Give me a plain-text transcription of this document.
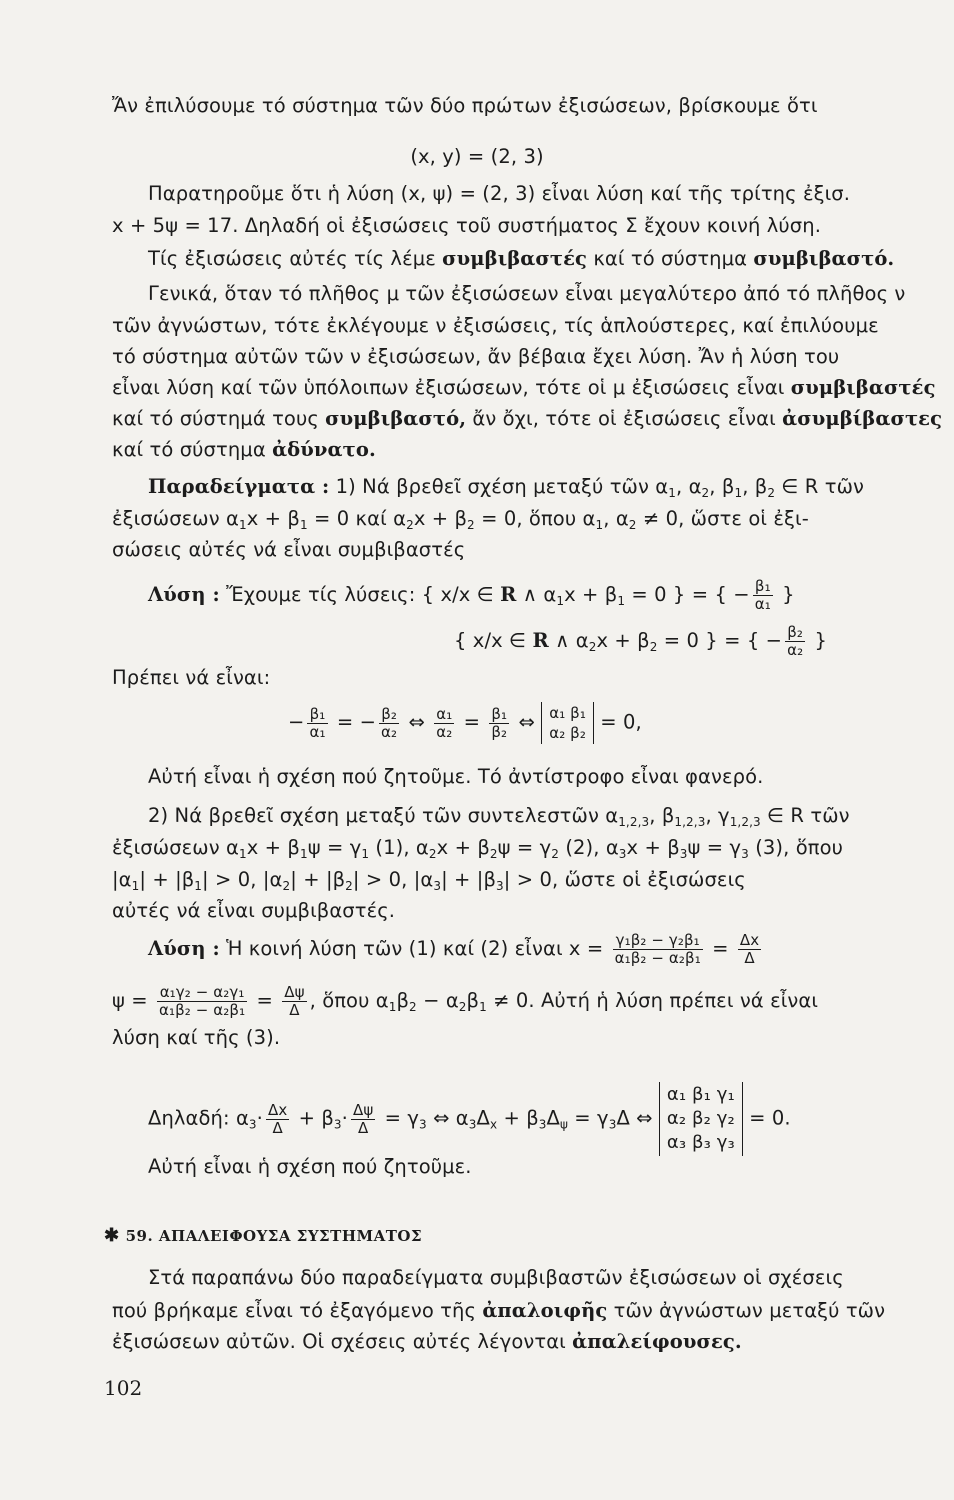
Ἄν ἐπιλύσουμε τό σύστημα τῶν δύο πρώτων ἐξισώσεων, βρίσκουμε ὅτι
(x, y) = (2, 3)
Παρατηροῦμε ὅτι ἡ λύση (x, ψ) = (2, 3) εἶναι λύση καί τῆς τρίτης ἐξισ.
x + 5ψ = 17. Δηλαδή οἱ ἐξισώσεις τοῦ συστήματος Σ ἔχουν κοινή λύση.
Τίς ἐξισώσεις αὐτές τίς λέμε συμβιβαστές καί τό σύστημα συμβιβαστό.
Γενικά, ὅταν τό πλῆθος μ τῶν ἐξισώσεων εἶναι μεγαλύτερο ἀπό τό πλῆθος ν
τῶν ἀγνώστων, τότε ἐκλέγουμε ν ἐξισώσεις, τίς ἁπλούστερες, καί ἐπιλύουμε
τό σύστημα αὐτῶν τῶν ν ἐξισώσεων, ἄν βέβαια ἔχει λύση. Ἄν ἡ λύση του
εἶναι λύση καί τῶν ὑπόλοιπων ἐξισώσεων, τότε οἱ μ ἐξισώσεις εἶναι συμβιβαστές
καί τό σύστημά τους συμβιβαστό, ἄν ὄχι, τότε οἱ ἐξισώσεις εἶναι ἀσυμβίβαστες
καί τό σύστημα ἀδύνατο.
Παραδείγματα : 1) Νά βρεθεῖ σχέση μεταξύ τῶν $\alpha_1$, $\alpha_2$, $\beta_1$, $\beta_2$ ∈ R τῶν
ἐξισώσεων $\alpha_1x + \beta_1 = 0$ καί $\alpha_2x + \beta_2 = 0$, ὅπου $\alpha_1$, $\alpha_2 \ne 0$, ὥστε οἱ ἐξι-
σώσεις αὐτές νά εἶναι συμβιβαστές
Λύση : Ἔχουμε τίς λύσεις: { x/x ∈ R ∧ $\alpha_1x + \beta_1 = 0$ } = { − $\frac{\text{β₁}}{\text{α₁}}$ }
{ x/x ∈ R ∧ $\alpha_2x + \beta_2 = 0$ } = { − $\frac{\text{β₂}}{\text{α₂}}$ }
Πρέπει νά εἶναι:
− $\frac{\text{β₁}}{\text{α₁}}$ = − $\frac{\text{β₂}}{\text{α₂}}$ ⇔ $\frac{\text{α₁}}{\text{α₂}} = \frac{\text{β₁}}{\text{β₂}}$ ⇔ α₁ β₁
α₂ β₂ = 0,
Αὐτή εἶναι ἡ σχέση πού ζητοῦμε. Τό ἀντίστροφο εἶναι φανερό.
2) Νά βρεθεῖ σχέση μεταξύ τῶν συντελεστῶν $\alpha_{1,2,3}$, $\beta_{1,2,3}$, $\gamma_{1,2,3}$ ∈ R τῶν
ἐξισώσεων $\alpha_1x + \beta_1\psi = \gamma_1$ (1), $\alpha_2x + \beta_2\psi = \gamma_2$ (2), $\alpha_3x + \beta_3\psi = \gamma_3$ (3), ὅπου
$|\alpha_1| + |\beta_1| > 0$, $|\alpha_2| + |\beta_2| > 0$, $|\alpha_3| + |\beta_3| > 0$, ὥστε οἱ ἐξισώσεις
αὐτές νά εἶναι συμβιβαστές.
Λύση : Ἡ κοινή λύση τῶν (1) καί (2) εἶναι $x = \frac{\text{γ₁β₂ − γ₂β₁}}{\text{α₁β₂ − α₂β₁}} = \frac{\Delta x}{\Delta}$
$\psi = \frac{\text{α₁γ₂ − α₂γ₁}}{\text{α₁β₂ − α₂β₁}} = \frac{\Delta\psi}{\Delta}$ , ὅπου $\alpha_1\beta_2 - \alpha_2\beta_1 \ne 0$. Αὐτή ἡ λύση πρέπει νά εἶναι
λύση καί τῆς (3).
Δηλαδή: $\alpha_3\cdot \frac{\Delta x}{\Delta} + \beta_3\cdot \frac{\Delta\psi}{\Delta} = \gamma_3$ ⇔ $\alpha_3\Delta_x + \beta_3\Delta_\psi = \gamma_3\Delta$ ⇔
α₁ β₁ γ₁
α₂ β₂ γ₂
α₃ β₃ γ₃
= 0.
Αὐτή εἶναι ἡ σχέση πού ζητοῦμε.
✱ 59. ΑΠΑΛΕΙΦΟΥΣΑ ΣΥΣΤΗΜΑΤΟΣ
Στά παραπάνω δύο παραδείγματα συμβιβαστῶν ἐξισώσεων οἱ σχέσεις
πού βρήκαμε εἶναι τό ἐξαγόμενο τῆς ἀπαλοιφῆς τῶν ἀγνώστων μεταξύ τῶν
ἐξισώσεων αὐτῶν. Οἱ σχέσεις αὐτές λέγονται ἀπαλείφουσες.
102
